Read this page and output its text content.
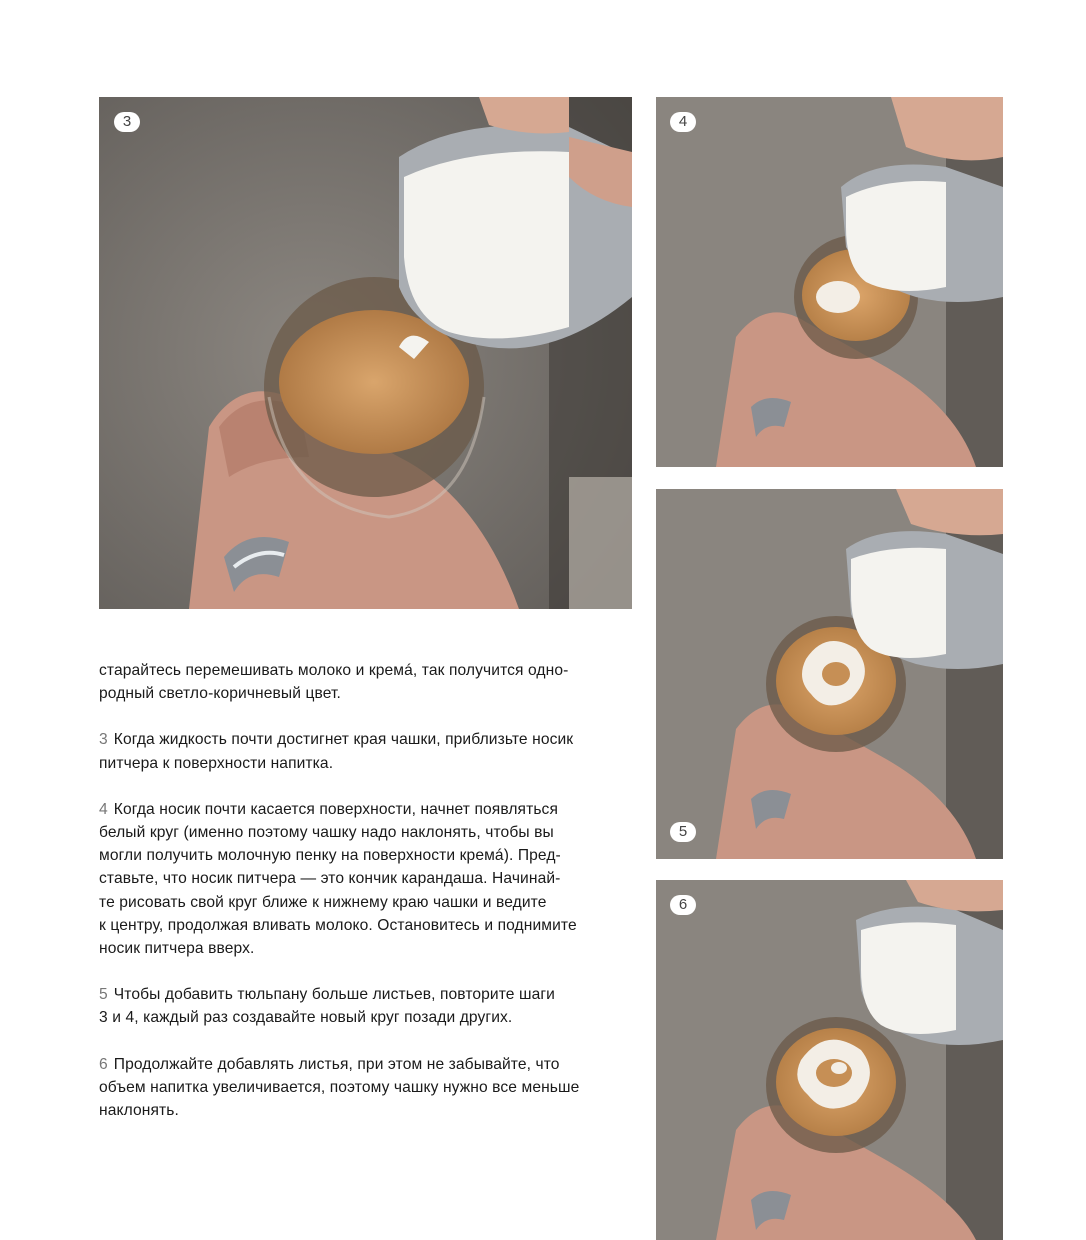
3	4
5
6

старайтесь перемешивать молоко и кремá, так получится одно-
родный светло-коричневый цвет.

3 Когда жидкость почти достигнет края чашки, приблизьте носик
питчера к поверхности напитка.

4 Когда носик почти касается поверхности, начнет появляться
белый круг (именно поэтому чашку надо наклонять, чтобы вы
могли получить молочную пенку на поверхности кремá). Пред-
ставьте, что носик питчера — это кончик карандаша. Начинай-
те рисовать свой круг ближе к нижнему краю чашки и ведите
к центру, продолжая вливать молоко. Остановитесь и поднимите
носик питчера вверх.

5 Чтобы добавить тюльпану больше листьев, повторите шаги
3 и 4, каждый раз создавайте новый круг позади других.

6 Продолжайте добавлять листья, при этом не забывайте, что
объем напитка увеличивается, поэтому чашку нужно все меньше
наклонять.
